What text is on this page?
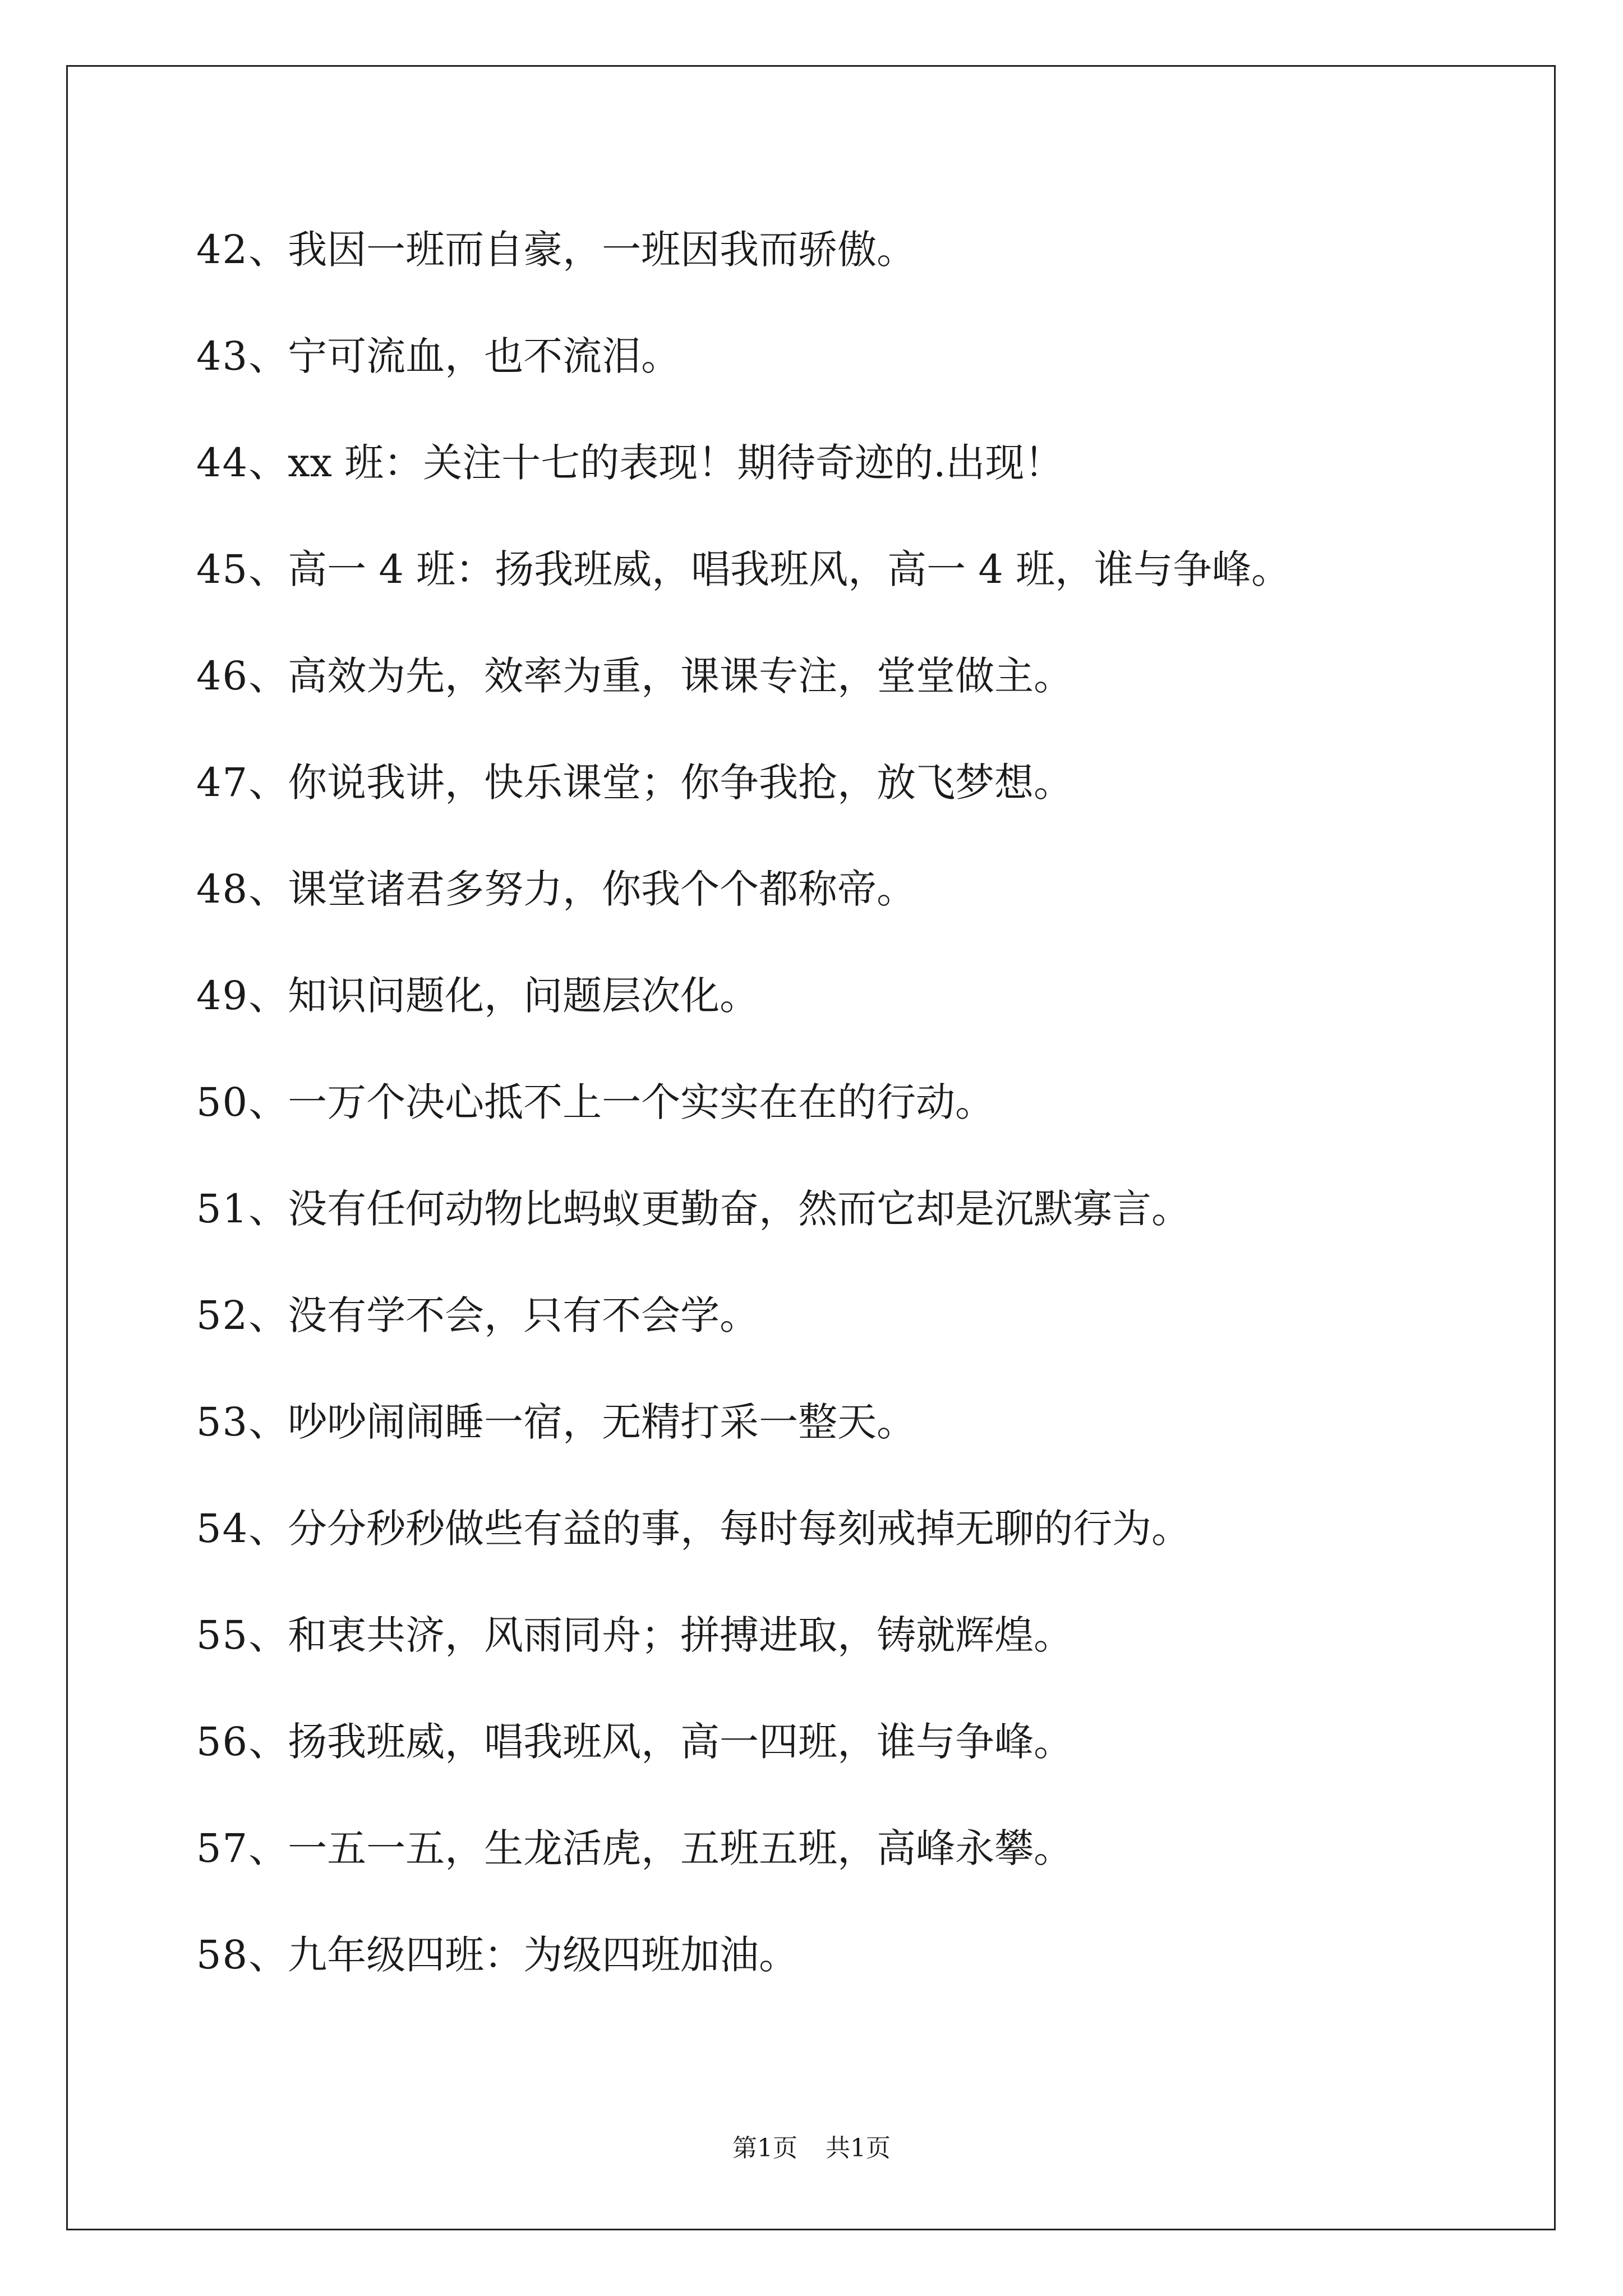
42 、 我因一班而自豪，一班因我而骄傲。
43 、 宁可流血，也不流泪。
44 、 xx 班：关注十七的表现！期待奇迹的.出现！
45 、 高一 4 班：扬我班威，唱我班风，高一 4 班，谁与争峰。
46 、 高效为先，效率为重，课课专注，堂堂做主。
47 、 你说我讲，快乐课堂；你争我抢，放飞梦想。
48 、 课堂诸君多努力，你我个个都称帝。
49 、 知识问题化，问题层次化。
50 、 一万个决心抵不上一个实实在在的行动。
51 、 没有任何动物比蚂蚁更勤奋，然而它却是沉默寡言。
52 、 没有学不会，只有不会学。
53 、 吵吵闹闹睡一宿，无精打采一整天。
54 、 分分秒秒做些有益的事，每时每刻戒掉无聊的行为。
55 、 和衷共济，风雨同舟；拼搏进取，铸就辉煌。
56 、 扬我班威，唱我班风，高一四班，谁与争峰。
57 、 一五一五，生龙活虎，五班五班，高峰永攀。
58 、 九年级四班：为级四班加油。
第1页 共1页
